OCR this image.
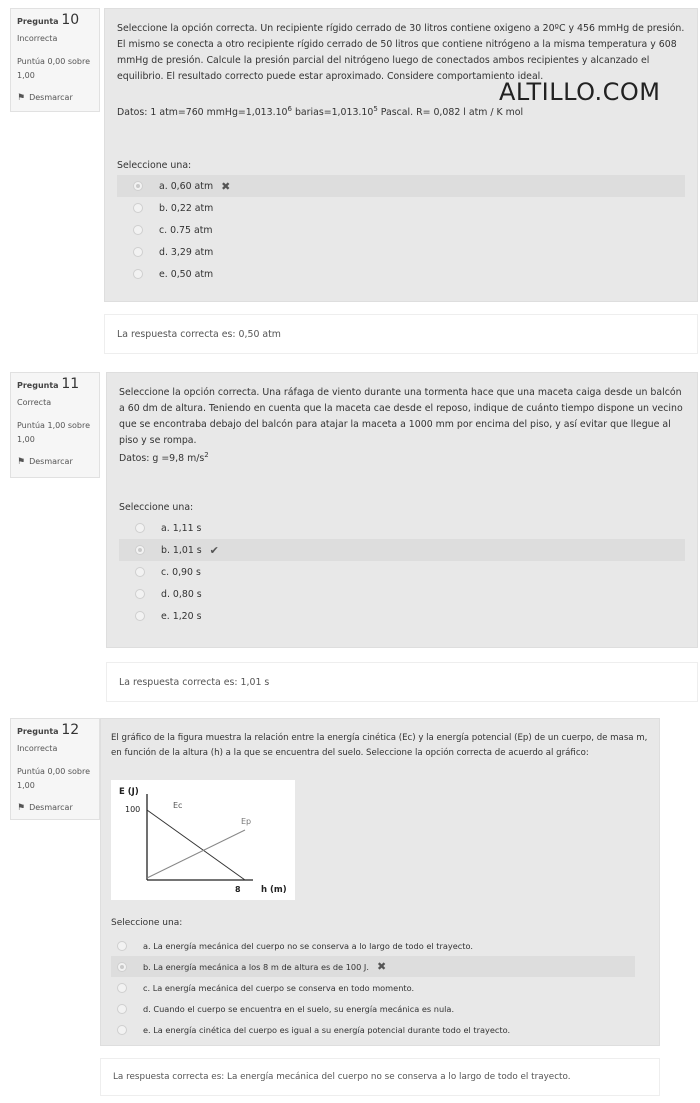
Pregunta 10
Incorrecta
Puntúa 0,00 sobre 1,00
⚑ Desmarcar
Seleccione la opción correcta. Un recipiente rígido cerrado de 30 litros contiene oxigeno a 20ºC y 456 mmHg de presión. El mismo se conecta a otro recipiente rígido cerrado de 50 litros que contiene nitrógeno a la misma temperatura y 608 mmHg de presión. Calcule la presión parcial del nitrógeno luego de conectados ambos recipientes y alcanzado el equilibrio. El resultado correcto puede estar aproximado. Considere comportamiento ideal.
Datos: 1 atm=760 $mmHg=1,013.10^6$ $barias=1,013.10^5$ Pascal. R= 0,082 l atm / K mol
Seleccione una:
a. 0,60 atm ✖
b. 0,22 atm
c. 0.75 atm
d. 3,29 atm
e. 0,50 atm
ALTILLO.COM
La respuesta correcta es: 0,50 atm
Pregunta 11
Correcta
Puntúa 1,00 sobre 1,00
⚑ Desmarcar
Seleccione la opción correcta. Una ráfaga de viento durante una tormenta hace que una maceta caiga desde un balcón a 60 dm de altura. Teniendo en cuenta que la maceta cae desde el reposo, indique de cuánto tiempo dispone un vecino que se encontraba debajo del balcón para atajar la maceta a 1000 mm por encima del piso, y así evitar que llegue al piso y se rompa.
Datos: g =9,8 $m/s^2$
Seleccione una:
a. 1,11 s
b. 1,01 s ✔
c. 0,90 s
d. 0,80 s
e. 1,20 s
La respuesta correcta es: 1,01 s
Pregunta 12
Incorrecta
Puntúa 0,00 sobre 1,00
⚑ Desmarcar
El gráfico de la figura muestra la relación entre la energía cinética (Ec) y la energía potencial (Ep) de un cuerpo, de masa m, en función de la altura (h) a la que se encuentra del suelo. Seleccione la opción correcta de acuerdo al gráfico:
E (J)
100
8 h (m)
Ec
Ep
Seleccione una:
a. La energía mecánica del cuerpo no se conserva a lo largo de todo el trayecto.
b. La energía mecánica a los 8 m de altura es de 100 J. ✖
c. La energía mecánica del cuerpo se conserva en todo momento.
d. Cuando el cuerpo se encuentra en el suelo, su energía mecánica es nula.
e. La energía cinética del cuerpo es igual a su energía potencial durante todo el trayecto.
La respuesta correcta es: La energía mecánica del cuerpo no se conserva a lo largo de todo el trayecto.
